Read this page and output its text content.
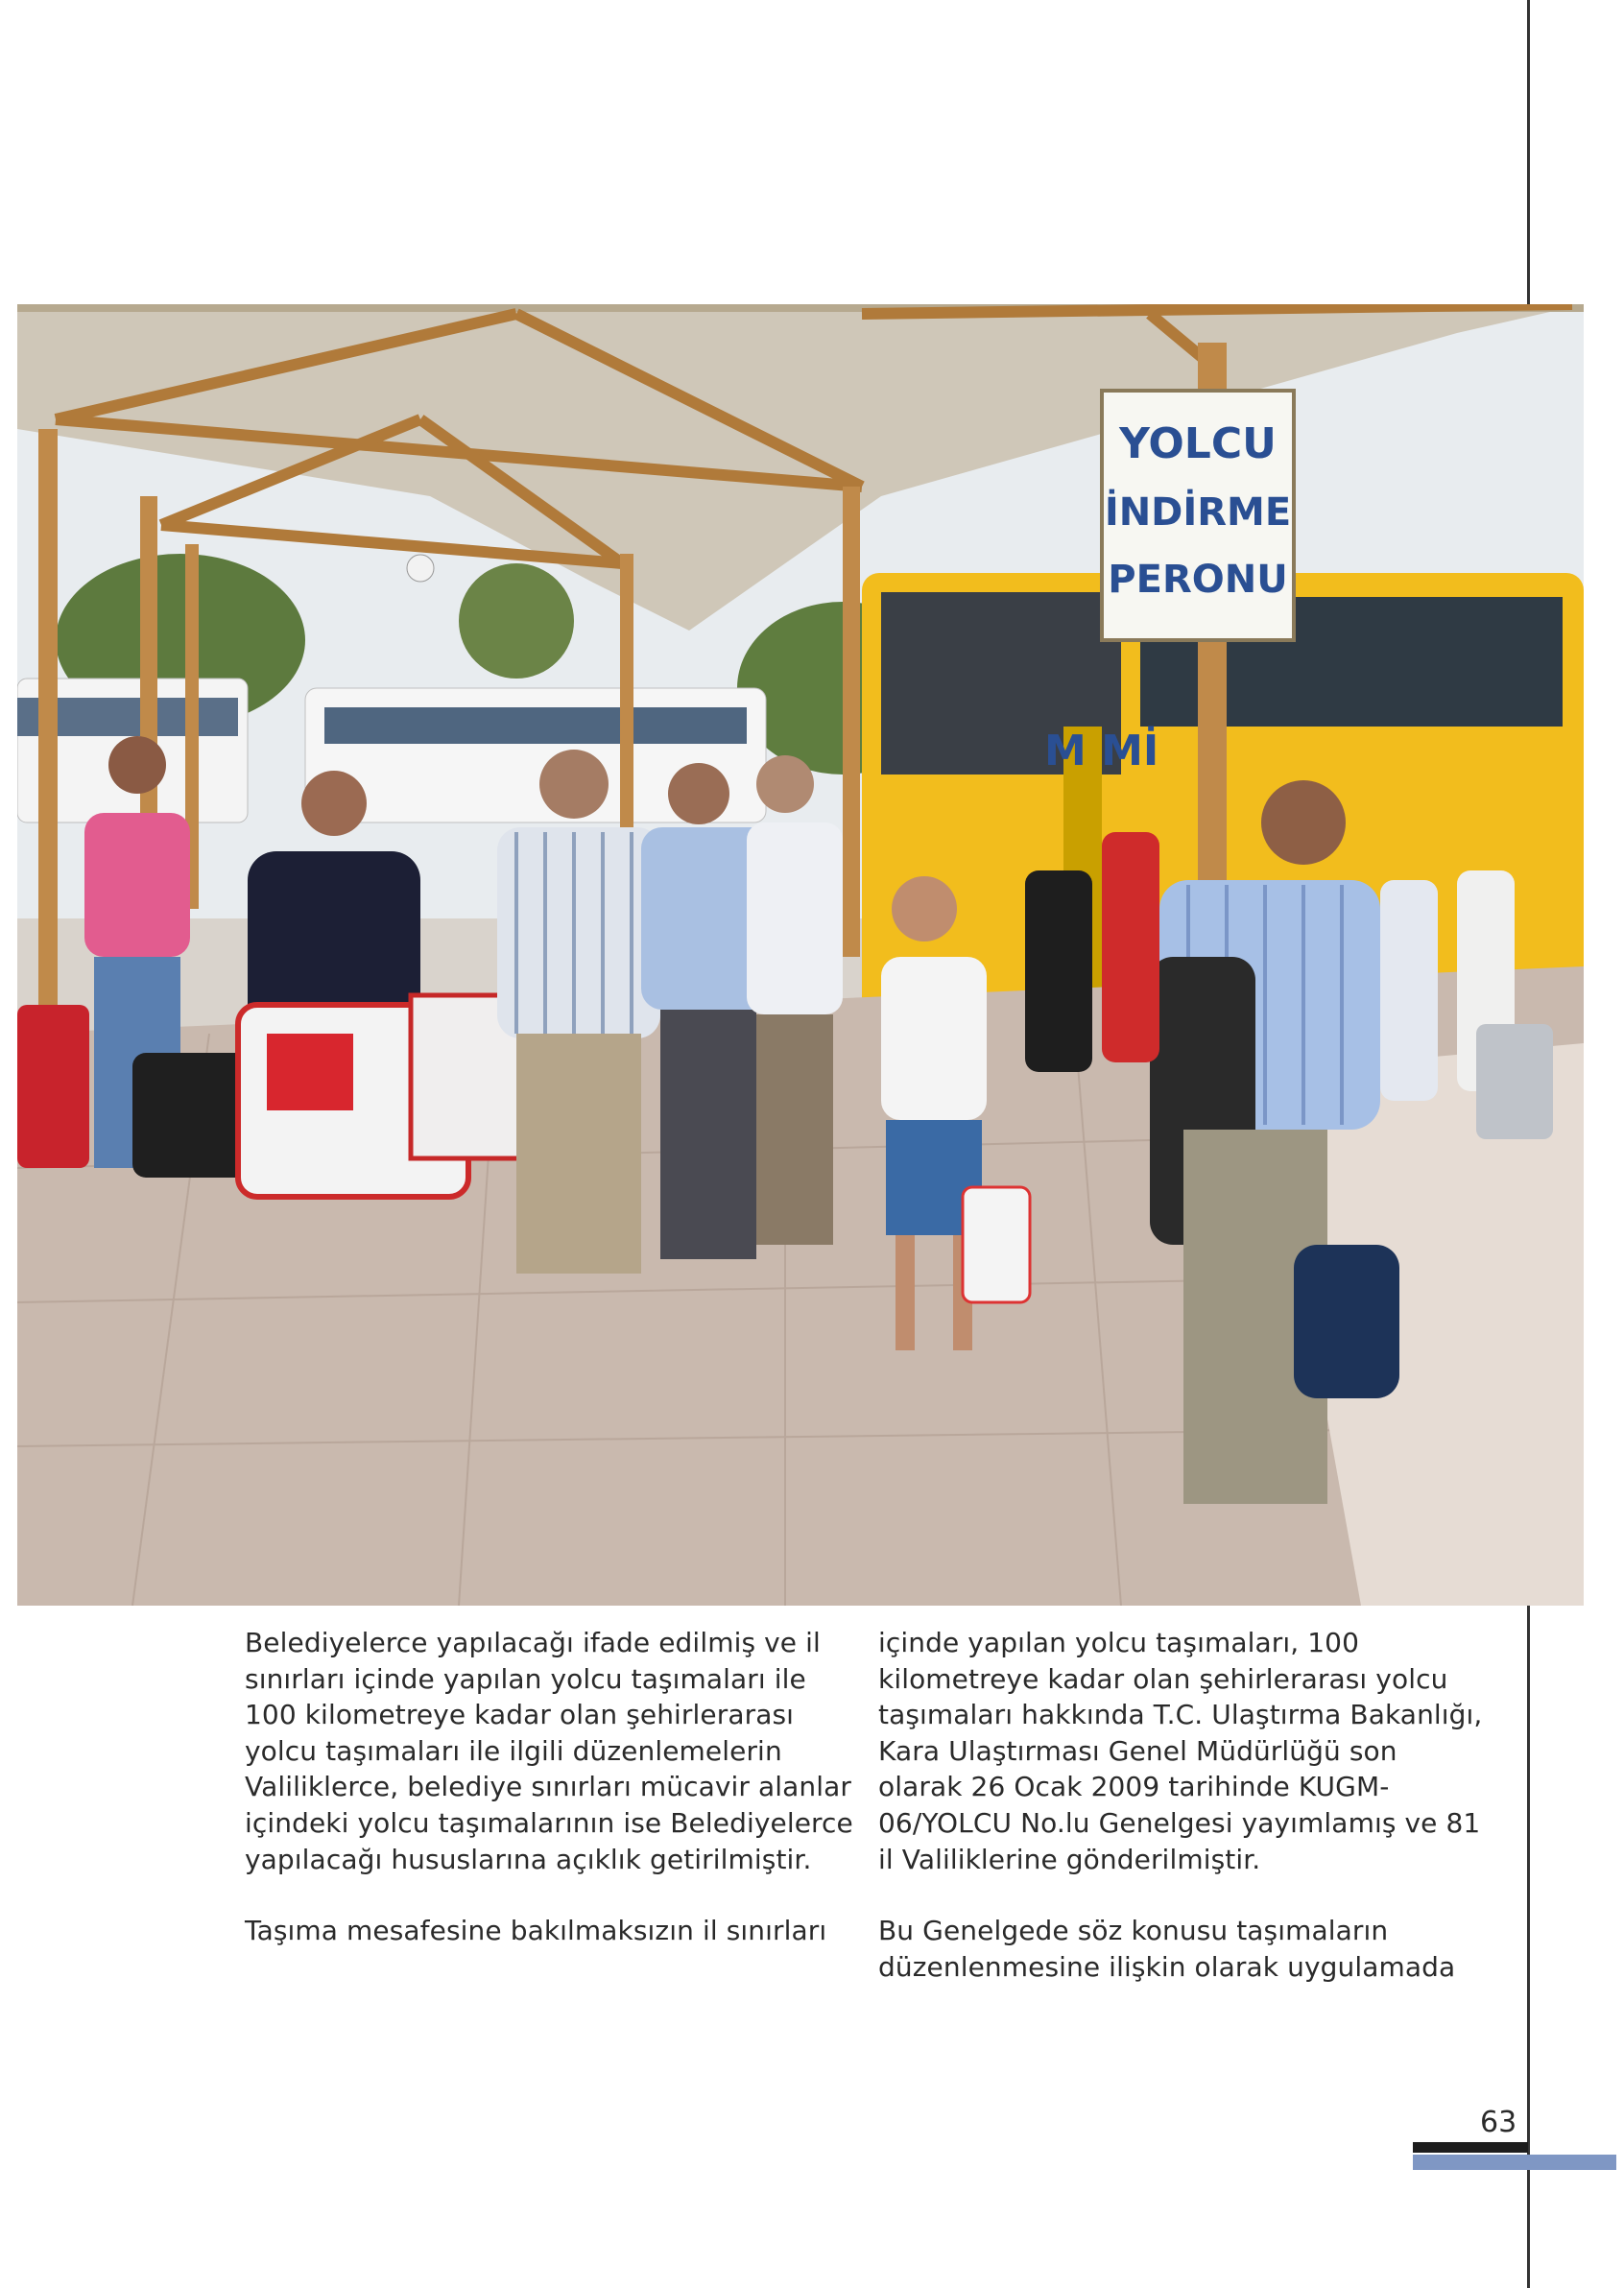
M Mİ
YOLCU
İNDİRME
PERONU

Belediyelerce yapılacağı ifade edilmiş ve il sınırları içinde yapılan yolcu taşımaları ile 100 kilometreye kadar olan şehirlerarası yolcu taşımaları ile ilgili düzenlemelerin Valiliklerce, belediye sınırları mücavir alanlar içindeki yolcu taşımalarının ise Belediyelerce yapılacağı hususlarına açıklık getirilmiştir.

Taşıma mesafesine bakılmaksızın il sınırları

içinde yapılan yolcu taşımaları, 100 kilometreye kadar olan şehirlerarası yolcu taşımaları hakkında T.C. Ulaştırma Bakanlığı, Kara Ulaştırması Genel Müdürlüğü son olarak 26 Ocak 2009 tarihinde KUGM-06/YOLCU No.lu Genelgesi yayımlamış ve 81 il Valiliklerine gönderilmiştir.

Bu Genelgede söz konusu taşımaların düzenlenmesine ilişkin olarak uygulamada

63
